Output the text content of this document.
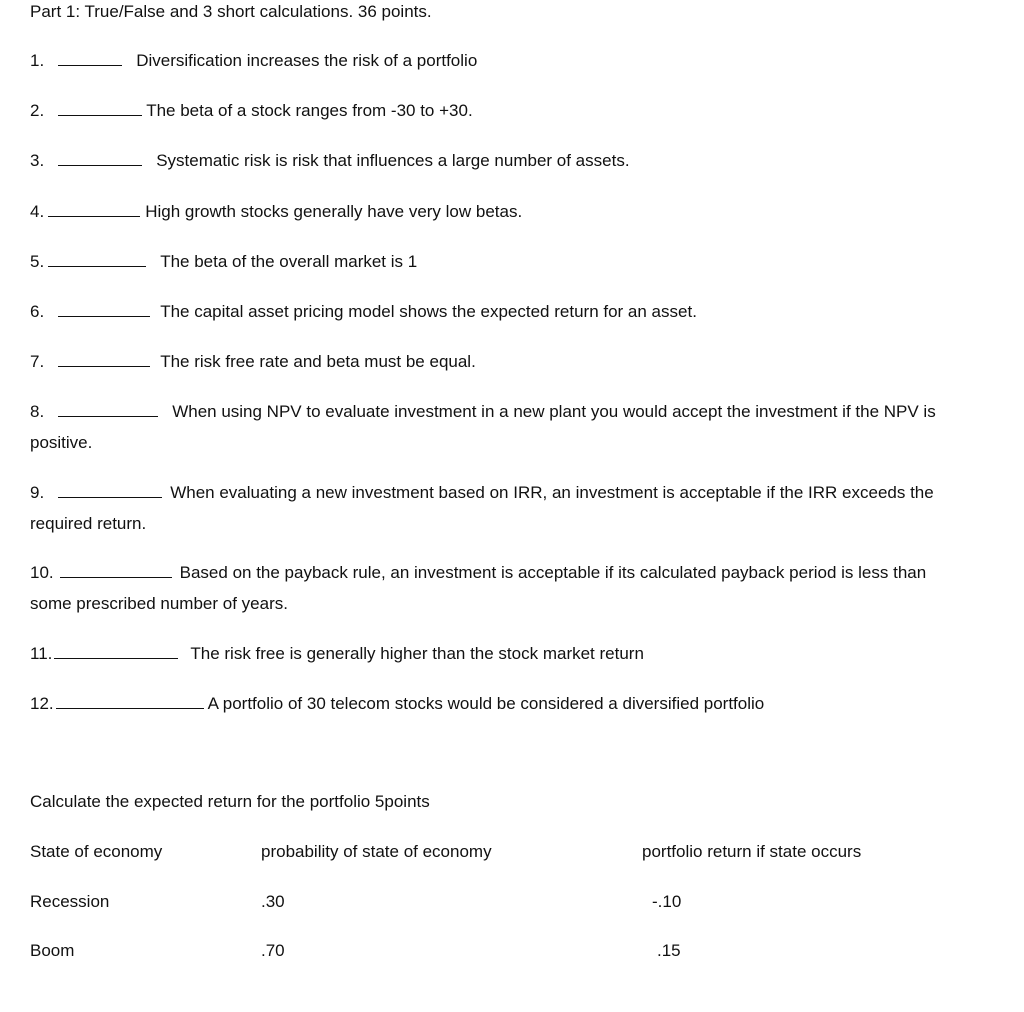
Part 1: True/False and 3 short calculations. 36 points.
1.	Diversification increases the risk of a portfolio
2.	The beta of a stock ranges from -30 to +30.
3.	Systematic risk is risk that influences a large number of assets.
4.	High growth stocks generally have very low betas.
5.	The beta of the overall market is 1
6.	The capital asset pricing model shows the expected return for an asset.
7.	The risk free rate and beta must be equal.
8.	When using NPV to evaluate investment in a new plant you would accept the investment if the NPV is positive.
9.	When evaluating a new investment based on IRR, an investment is acceptable if the IRR exceeds the required return.
10.	Based on the payback rule, an investment is acceptable if its calculated payback period is less than some prescribed number of years.
11.	The risk free is generally higher than the stock market return
12.	A portfolio of 30 telecom stocks would be considered a diversified portfolio
Calculate the expected return for the portfolio 5points
State of economy	probability of state of economy	portfolio return if state occurs
Recession	.30	-.10
Boom	.70	.15
